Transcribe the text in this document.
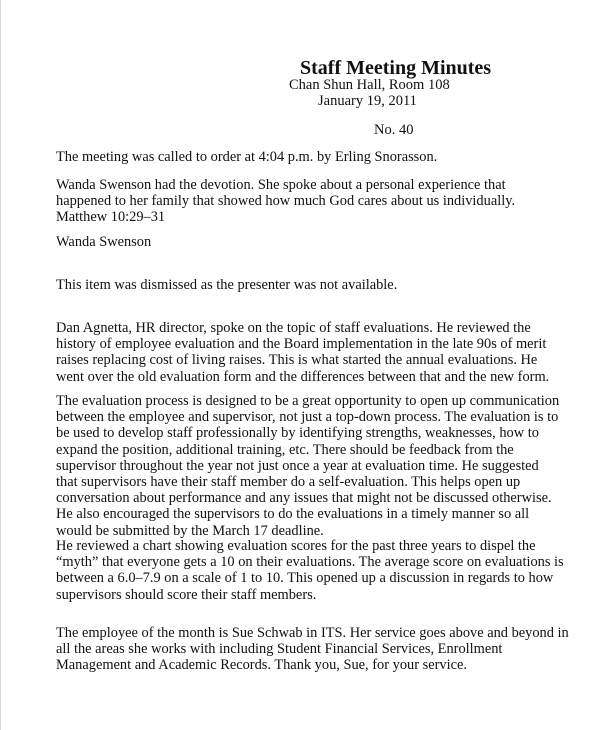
Staff Meeting Minutes
Chan Shun Hall, Room 108
January 19, 2011
No. 40

The meeting was called to order at 4:04 p.m. by Erling Snorasson.

Wanda Swenson had the devotion. She spoke about a personal experience that
happened to her family that showed how much God cares about us individually.
Matthew 10:29–31

Wanda Swenson

This item was dismissed as the presenter was not available.

Dan Agnetta, HR director, spoke on the topic of staff evaluations. He reviewed the
history of employee evaluation and the Board implementation in the late 90s of merit
raises replacing cost of living raises. This is what started the annual evaluations. He
went over the old evaluation form and the differences between that and the new form.

The evaluation process is designed to be a great opportunity to open up communication
between the employee and supervisor, not just a top-down process. The evaluation is to
be used to develop staff professionally by identifying strengths, weaknesses, how to
expand the position, additional training, etc. There should be feedback from the
supervisor throughout the year not just once a year at evaluation time. He suggested
that supervisors have their staff member do a self-evaluation. This helps open up
conversation about performance and any issues that might not be discussed otherwise.
He also encouraged the supervisors to do the evaluations in a timely manner so all
would be submitted by the March 17 deadline.

He reviewed a chart showing evaluation scores for the past three years to dispel the
“myth” that everyone gets a 10 on their evaluations. The average score on evaluations is
between a 6.0–7.9 on a scale of 1 to 10. This opened up a discussion in regards to how
supervisors should score their staff members.

The employee of the month is Sue Schwab in ITS. Her service goes above and beyond in
all the areas she works with including Student Financial Services, Enrollment
Management and Academic Records. Thank you, Sue, for your service.
